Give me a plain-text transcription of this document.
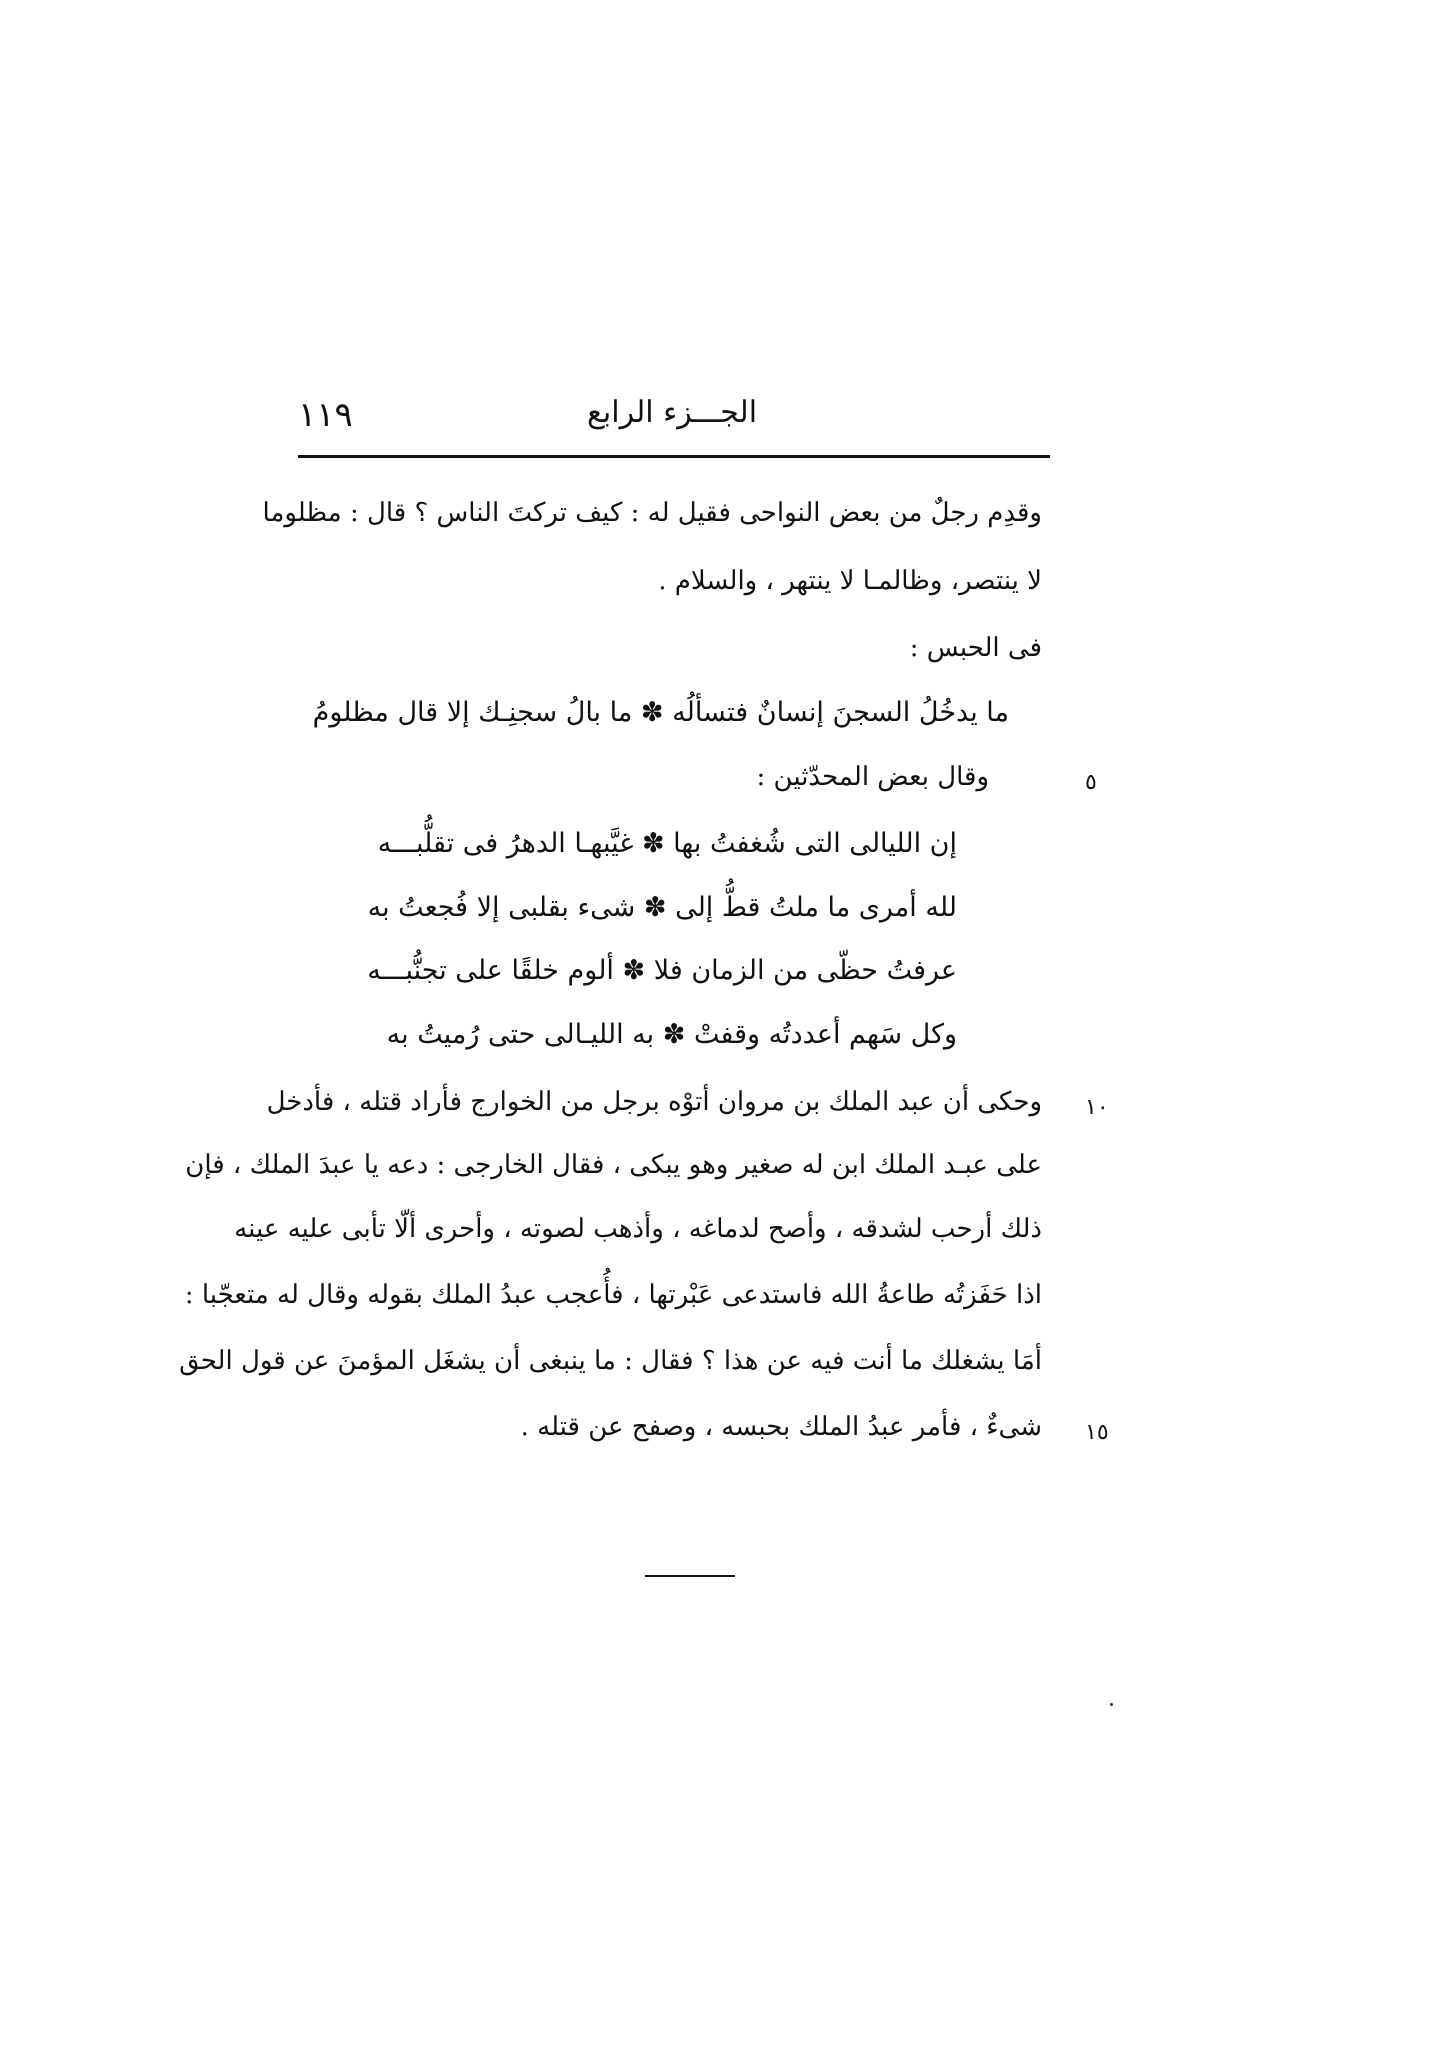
١١٩	الجـــزء الرابع
وقدِم رجلٌ من بعض النواحى فقيل له : كيف تركتَ الناس ؟ قال : مظلوما
لا ينتصر، وظالمـا لا ينتهر ، والسلام .
فى الحبس :
ما يدخُلُ السجنَ إنسانٌ فتسألُه ✽ ما بالُ سجنِـك إلا قال مظلومُ
وقال بعض المحدّثين :	٥
إن الليالى التى شُغفتُ بها ✽ غيَّبهـا الدهرُ فى تقلُّبـــه
لله أمرى ما ملتُ قطُّ إلى ✽ شىء بقلبى إلا فُجعتُ به
عرفتُ حظّى من الزمان فلا ✽ ألوم خلقًا على تجنُّبـــه
وكل سَهم أعددتُه وقفتْ ✽ به الليـالى حتى رُميتُ به
وحكى أن عبد الملك بن مروان أتوْه برجل من الخوارج فأراد قتله ، فأدخل ١٠
على عبـد الملك ابن له صغير وهو يبكى ، فقال الخارجى : دعه يا عبدَ الملك ، فإن
ذلك أرحب لشدقه ، وأصح لدماغه ، وأذهب لصوته ، وأحرى ألّا تأبى عليه عينه
اذا حَفَزتُه طاعةُ الله فاستدعى عَبْرتها ، فأُعجب عبدُ الملك بقوله وقال له متعجّبا :
أمَا يشغلك ما أنت فيه عن هذا ؟ فقال : ما ينبغى أن يشغَل المؤمنَ عن قول الحق
شىءٌ ، فأمر عبدُ الملك بحبسه ، وصفح عن قتله . ١٥
